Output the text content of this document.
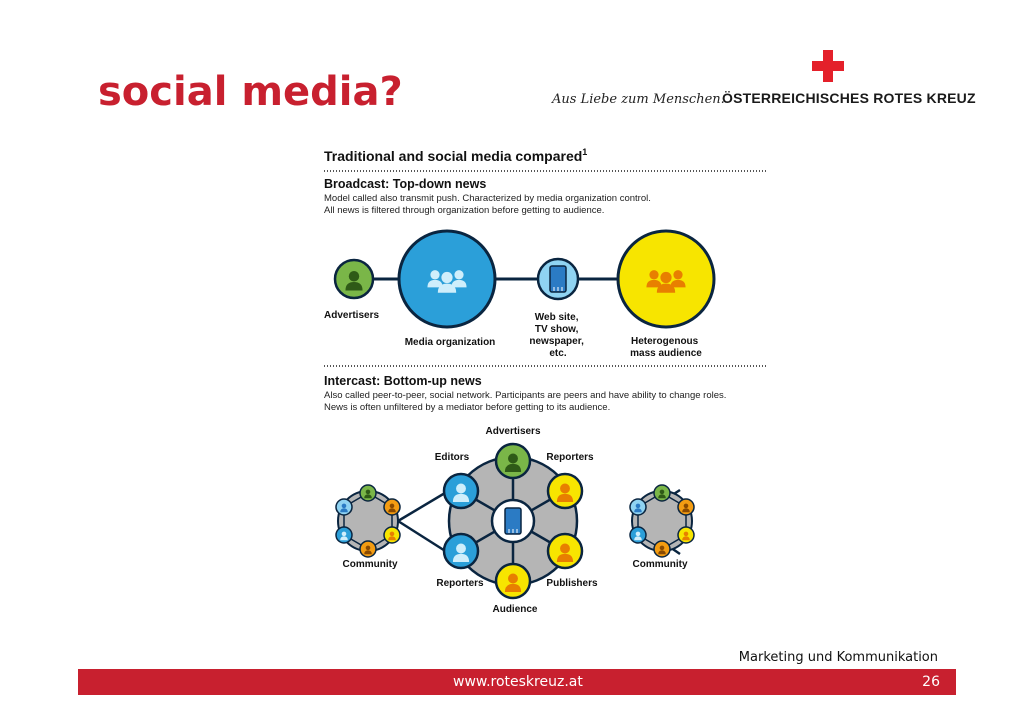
social media?	Aus Liebe zum Menschen.
ÖSTERREICHISCHES ROTES KREUZ
Traditional and social media compared$^1$
Broadcast: Top-down news
Model called also transmit push. Characterized by media organization control.
All news is filtered through organization before getting to audience.
Advertisers
Media organization
Web site, TV show, newspaper, etc.
Heterogenous mass audience
Intercast: Bottom-up news
Also called peer-to-peer, social network. Participants are peers and have ability to change roles.
News is often unfiltered by a mediator before getting to its audience.
Advertisers
Editors	Reporters
Reporters	Publishers
Audience
Community	Community
Marketing und Kommunikation
www.roteskreuz.at	26
